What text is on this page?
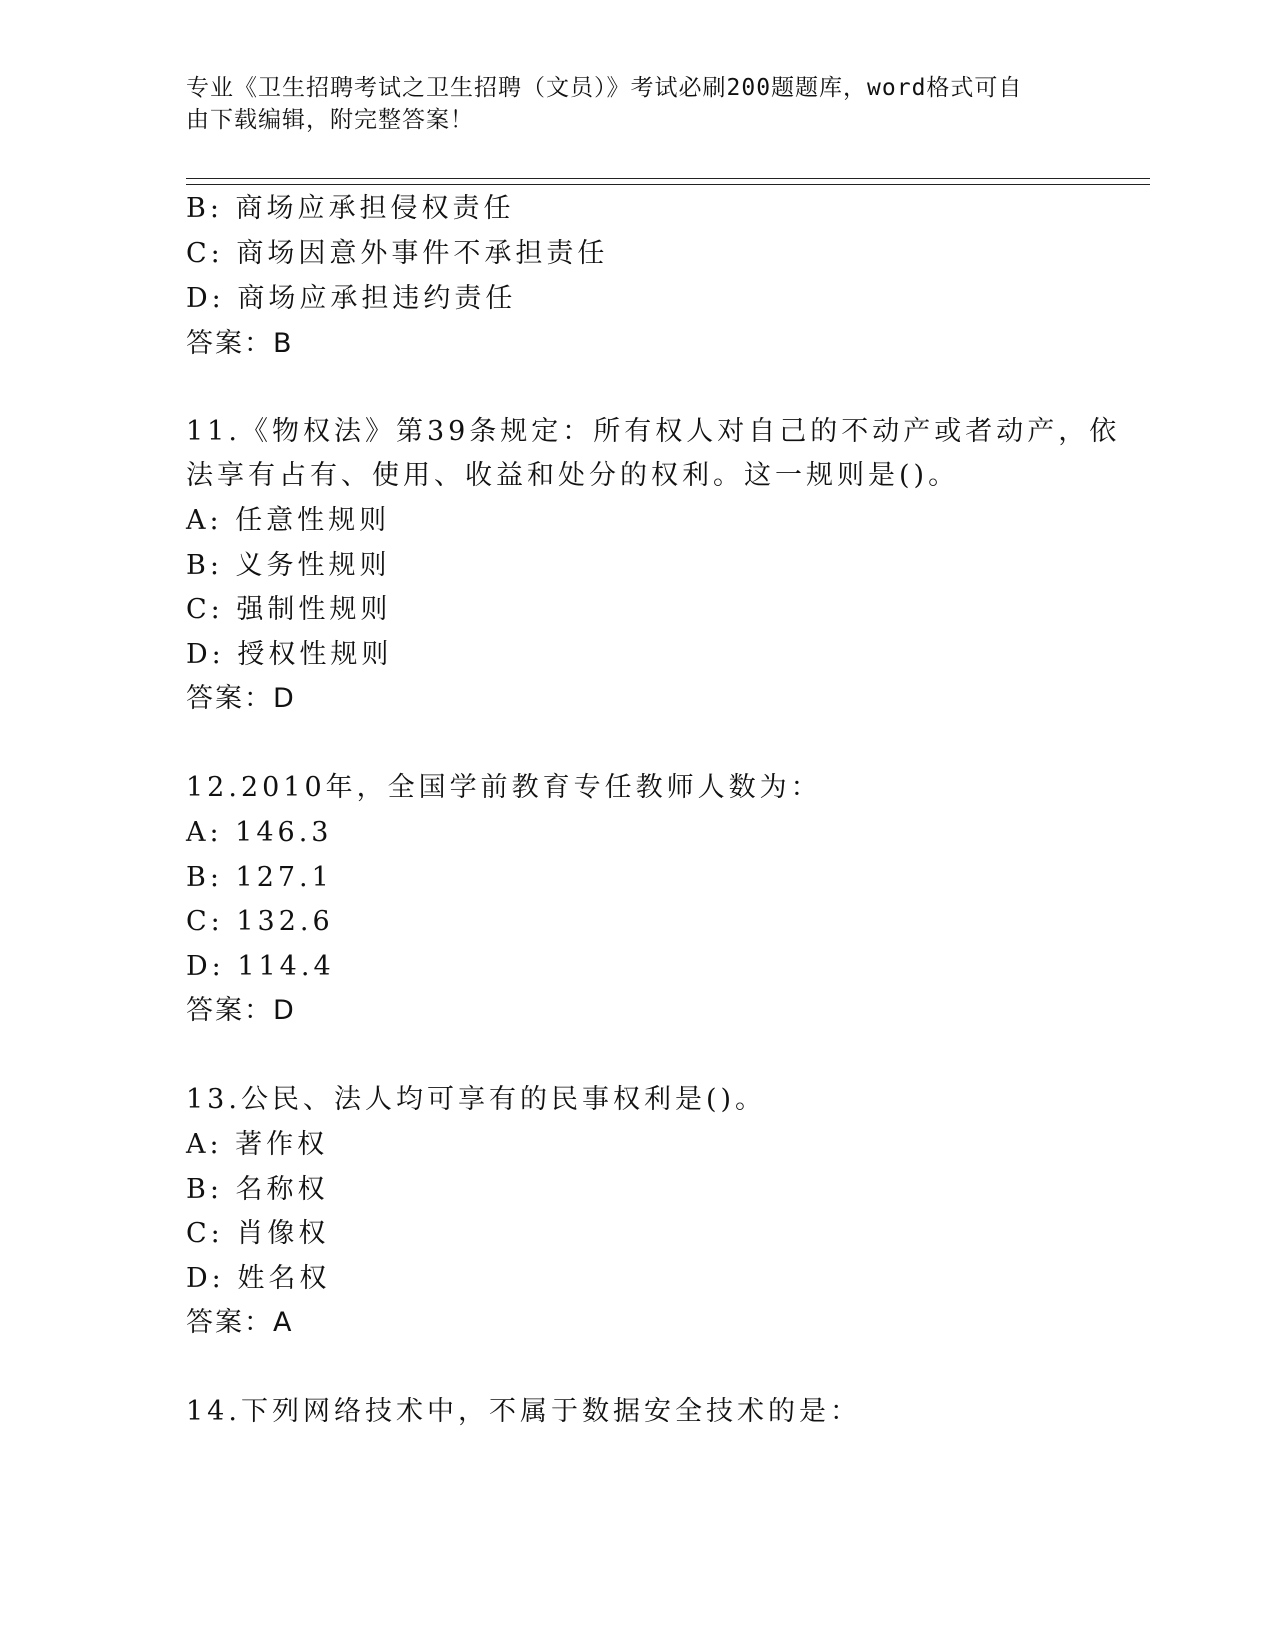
专业《卫生招聘考试之卫生招聘（文员）》考试必刷200题题库，word格式可自
由下载编辑，附完整答案！
B: 商场应承担侵权责任
C: 商场因意外事件不承担责任
D: 商场应承担违约责任
答案：B
11.《物权法》第39条规定：所有权人对自己的不动产或者动产，依
法享有占有、使用、收益和处分的权利。这一规则是()。
A: 任意性规则
B: 义务性规则
C: 强制性规则
D: 授权性规则
答案：D
12.2010年，全国学前教育专任教师人数为：
A: 146.3
B: 127.1
C: 132.6
D: 114.4
答案：D
13.公民、法人均可享有的民事权利是()。
A: 著作权
B: 名称权
C: 肖像权
D: 姓名权
答案：A
14.下列网络技术中，不属于数据安全技术的是：
